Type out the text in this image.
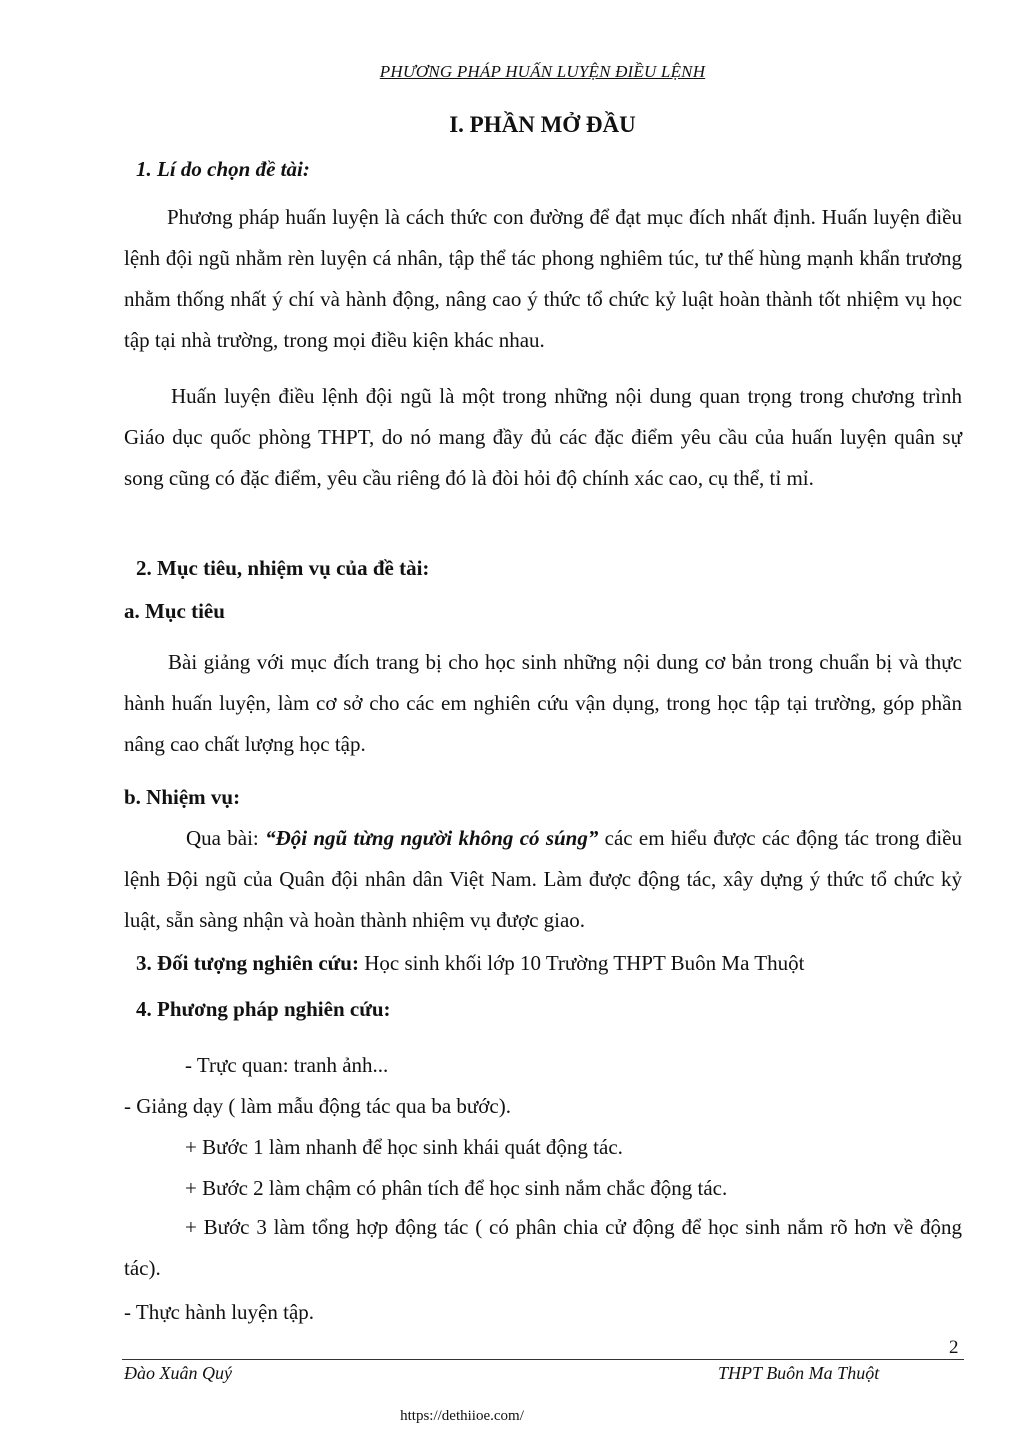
PHƯƠNG PHÁP HUẤN LUYỆN ĐIỀU LỆNH
I. PHẦN MỞ ĐẦU
1. Lí do chọn đề tài:

Phương pháp huấn luyện là cách thức con đường để đạt mục đích nhất định. Huấn luyện điều lệnh đội ngũ nhằm rèn luyện cá nhân, tập thể tác phong nghiêm túc, tư thế hùng mạnh khẩn trương nhằm thống nhất ý chí và hành động, nâng cao ý thức tổ chức kỷ luật hoàn thành tốt nhiệm vụ học tập tại nhà trường, trong mọi điều kiện khác nhau.

Huấn luyện điều lệnh đội ngũ là một trong những nội dung quan trọng trong chương trình Giáo dục quốc phòng THPT, do nó mang đầy đủ các đặc điểm yêu cầu của huấn luyện quân sự song cũng có đặc điểm, yêu cầu riêng đó là đòi hỏi độ chính xác cao, cụ thể, tỉ mỉ.

2. Mục tiêu, nhiệm vụ của đề tài:
a. Mục tiêu

Bài giảng với mục đích trang bị cho học sinh những nội dung cơ bản trong chuẩn bị và thực hành huấn luyện, làm cơ sở cho các em nghiên cứu vận dụng, trong học tập tại trường, góp phần nâng cao chất lượng học tập.

b. Nhiệm vụ:

Qua bài: “Đội ngũ từng người không có súng” các em hiểu được các động tác trong điều lệnh Đội ngũ của Quân đội nhân dân Việt Nam. Làm được động tác, xây dựng ý thức tổ chức kỷ luật, sẵn sàng nhận và hoàn thành nhiệm vụ được giao.

3. Đối tượng nghiên cứu: Học sinh khối lớp 10 Trường THPT Buôn Ma Thuột
4. Phương pháp nghiên cứu:
- Trực quan: tranh ảnh...
- Giảng dạy ( làm mẫu động tác qua ba bước).
+ Bước 1 làm nhanh để học sinh khái quát động tác.
+ Bước 2 làm chậm có phân tích để học sinh nắm chắc động tác.

+ Bước 3 làm tổng hợp động tác ( có phân chia cử động để học sinh nắm rõ hơn về động tác).

- Thực hành luyện tập.
2
Đào Xuân Quý	THPT Buôn Ma Thuột
https://dethiioe.com/
